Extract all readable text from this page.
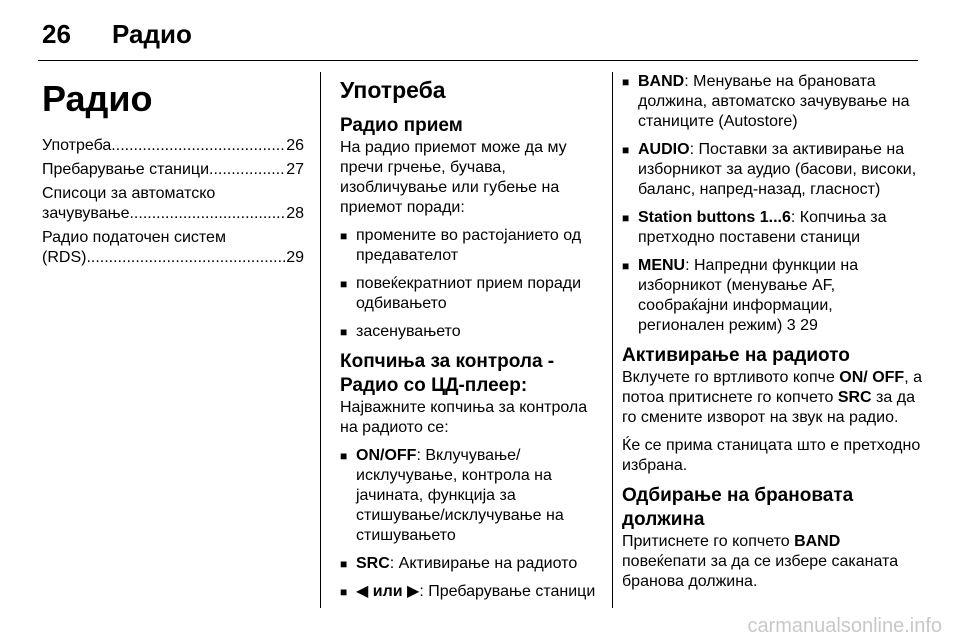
26 Радио
Радио
Употреба .....	26
Пребарување станици .....	27
Списоци за автоматско
зачувување .....	28
Радио податочен систем
(RDS) .....	29
Употреба
Радио прием

На радио приемот може да му пречи грчење, бучава, изобличување или губење на приемот поради:

■ промените во растојанието од предавателот
■ повеќекратниот прием поради одбивањето
■ засенувањето
Копчиња за контрола - Радио со ЦД-плеер:

Најважните копчиња за контрола на радиото се:

■ ON/OFF: Вклучување/ исклучување, контрола на јачината, функција за стишување/исклучување на стишувањето
■ SRC: Активирање на радиото
■ ◀ или ▶: Пребарување станици
■ BAND: Менување на брановата должина, автоматско зачувување на станиците (Autostore)
■ AUDIO: Поставки за активирање на изборникот за аудио (басови, високи, баланс, напред-назад, гласност)
■ Station buttons 1...6: Копчиња за претходно поставени станици
■ MENU: Напредни функции на изборникот (менување AF, сообраќајни информации, регионален режим) 3 29
Активирање на радиото

Вклучете го вртливото копче ON/ OFF, а потоа притиснете го копчето SRC за да го смените изворот на звук на радио.

Ќе се прима станицата што е претходно избрана.

Одбирање на брановата должина

Притиснете го копчето BAND повеќепати за да се избере саканата бранова должина.

carmanualsonline.info
